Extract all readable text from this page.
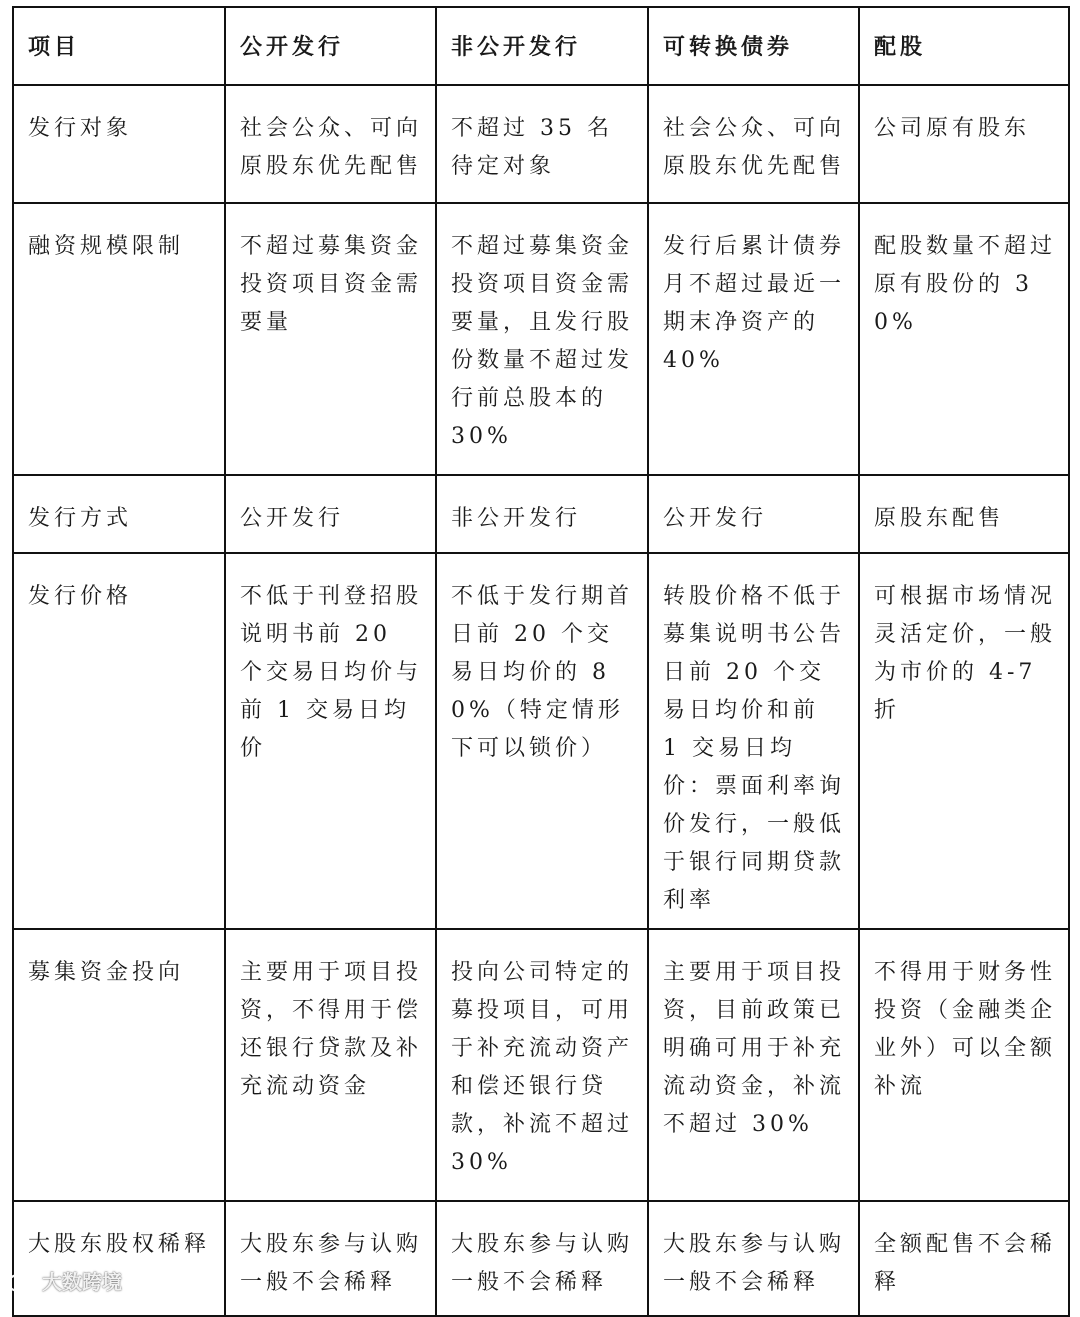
项目	公开发行	非公开发行	可转换债券	配股
发行对象	社会公众、可向原股东优先配售	不超过 35 名待定对象	社会公众、可向原股东优先配售	公司原有股东
融资规模限制	不超过募集资金投资项目资金需要量	不超过募集资金投资项目资金需要量，且发行股份数量不超过发行前总股本的 30%	发行后累计债券月不超过最近一期末净资产的 40%	配股数量不超过原有股份的 30%
发行方式	公开发行	非公开发行	公开发行	原股东配售
发行价格	不低于刊登招股说明书前 20 个交易日均价与前 1 交易日均价	不低于发行期首日前 20 个交易日均价的 80%（特定情形下可以锁价）	转股价格不低于募集说明书公告日前 20 个交易日均价和前 1 交易日均价：票面利率询价发行，一般低于银行同期贷款利率	可根据市场情况灵活定价，一般为市价的 4-7 折
募集资金投向	主要用于项目投资，不得用于偿还银行贷款及补充流动资金	投向公司特定的募投项目，可用于补充流动资产和偿还银行贷款，补流不超过 30%	主要用于项目投资，目前政策已明确可用于补充流动资金，补流不超过 30%	不得用于财务性投资（金融类企业外）可以全额补流
大股东股权稀释	大股东参与认购一般不会稀释	大股东参与认购一般不会稀释	大股东参与认购一般不会稀释	全额配售不会稀释
大数跨境
